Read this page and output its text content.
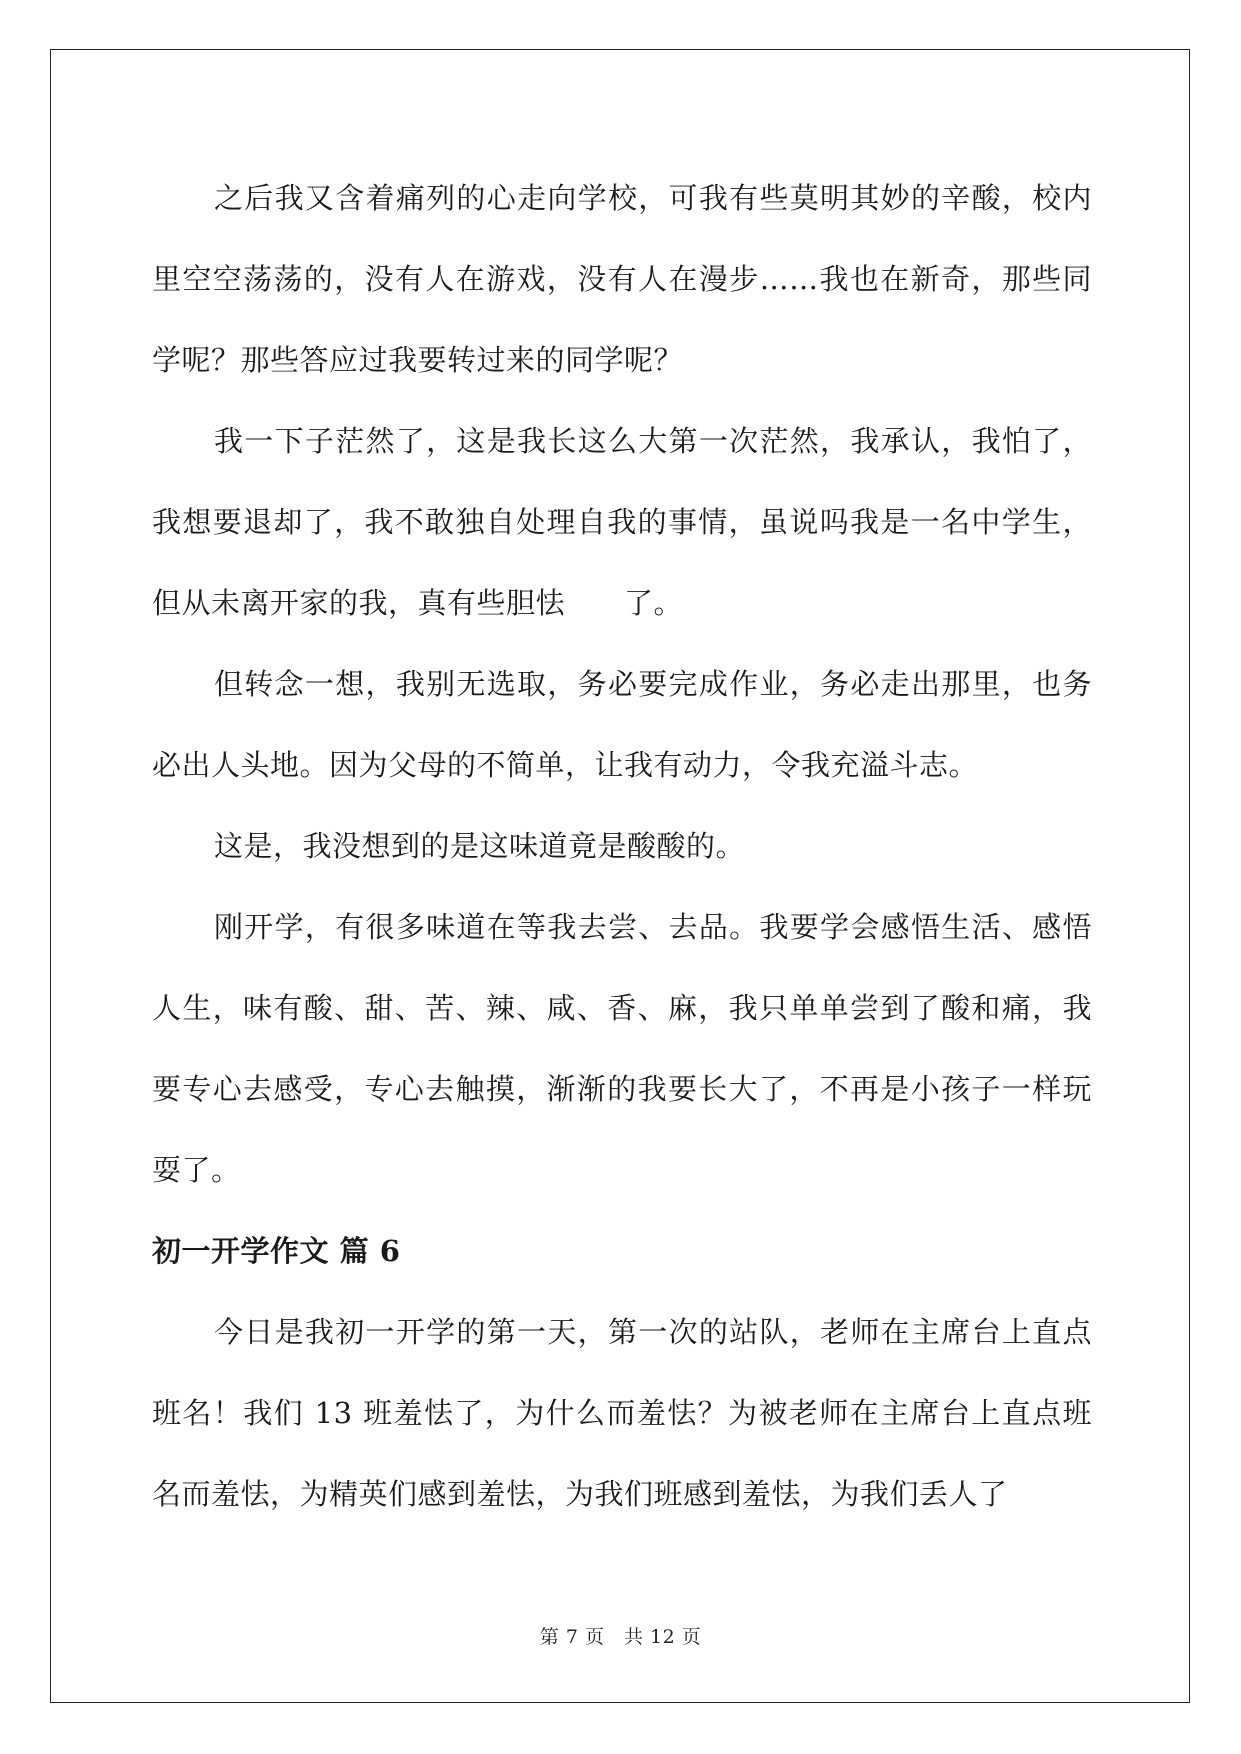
之后我又含着痛列的心走向学校，可我有些莫明其妙的辛酸，校内里空空荡荡的，没有人在游戏，没有人在漫步……我也在新奇，那些同学呢？那些答应过我要转过来的同学呢？

我一下子茫然了，这是我长这么大第一次茫然，我承认，我怕了，我想要退却了，我不敢独自处理自我的事情，虽说吗我是一名中学生，但从未离开家的我，真有些胆怯　　了。

但转念一想，我别无选取，务必要完成作业，务必走出那里，也务必出人头地。因为父母的不简单，让我有动力，令我充溢斗志。

这是，我没想到的是这味道竟是酸酸的。

刚开学，有很多味道在等我去尝、去品。我要学会感悟生活、感悟人生，味有酸、甜、苦、辣、咸、香、麻，我只单单尝到了酸和痛，我要专心去感受，专心去触摸，渐渐的我要长大了，不再是小孩子一样玩耍了。

初一开学作文 篇 6

今日是我初一开学的第一天，第一次的站队，老师在主席台上直点班名！我们 13 班羞怯了，为什么而羞怯？为被老师在主席台上直点班名而羞怯，为精英们感到羞怯，为我们班感到羞怯，为我们丢人了

第 7 页　共 12 页
